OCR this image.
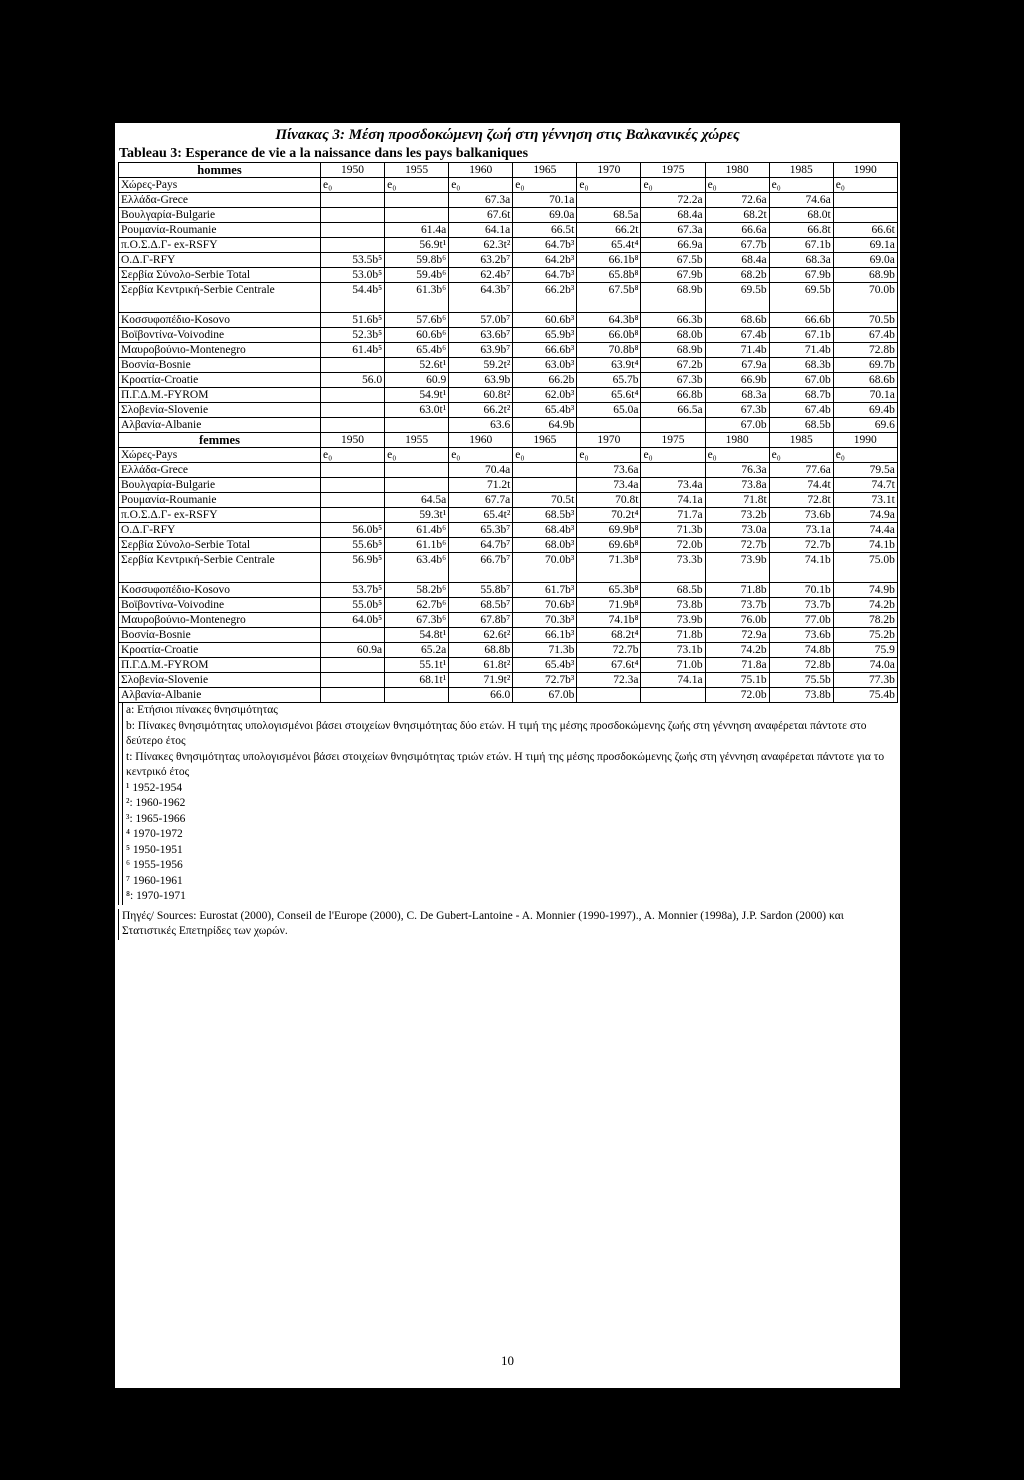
Πίνακας 3: Μέση προσδοκώμενη ζωή στη γέννηση στις Βαλκανικές χώρες
Tableau 3: Esperance de vie a la naissance dans les pays balkaniques
hommes	1950	1955	1960	1965	1970	1975	1980	1985	1990
Χώρες-Pays	e₀	e₀	e₀	e₀	e₀	e₀	e₀	e₀	e₀
Ελλάδα-Grece			67.3a	70.1a		72.2a	72.6a	74.6a	
Βουλγαρία-Bulgarie			67.6t	69.0a	68.5a	68.4a	68.2t	68.0t	
Ρουμανία-Roumanie		61.4a	64.1a	66.5t	66.2t	67.3a	66.6a	66.8t	66.6t
π.Ο.Σ.Δ.Γ- ex-RSFY		56.9t¹	62.3t²	64.7b³	65.4t⁴	66.9a	67.7b	67.1b	69.1a
Ο.Δ.Γ-RFY	53.5b⁵	59.8b⁶	63.2b⁷	64.2b³	66.1b⁸	67.5b	68.4a	68.3a	69.0a
Σερβία Σύνολο-Serbie Total	53.0b⁵	59.4b⁶	62.4b⁷	64.7b³	65.8b⁸	67.9b	68.2b	67.9b	68.9b
Σερβία Κεντρική-Serbie Centrale	54.4b⁵	61.3b⁶	64.3b⁷	66.2b³	67.5b⁸	68.9b	69.5b	69.5b	70.0b
Κοσσυφοπέδιο-Kosovo	51.6b⁵	57.6b⁶	57.0b⁷	60.6b³	64.3b⁸	66.3b	68.6b	66.6b	70.5b
Βοϊβοντίνα-Voivodine	52.3b⁵	60.6b⁶	63.6b⁷	65.9b³	66.0b⁸	68.0b	67.4b	67.1b	67.4b
Μαυροβούνιο-Montenegro	61.4b⁵	65.4b⁶	63.9b⁷	66.6b³	70.8b⁸	68.9b	71.4b	71.4b	72.8b
Βοσνία-Bosnie		52.6t¹	59.2t²	63.0b³	63.9t⁴	67.2b	67.9a	68.3b	69.7b
Κροατία-Croatie	56.0	60.9	63.9b	66.2b	65.7b	67.3b	66.9b	67.0b	68.6b
Π.Γ.Δ.Μ.-FYROM		54.9t¹	60.8t²	62.0b³	65.6t⁴	66.8b	68.3a	68.7b	70.1a
Σλοβενία-Slovenie		63.0t¹	66.2t²	65.4b³	65.0a	66.5a	67.3b	67.4b	69.4b
Αλβανία-Albanie			63.6	64.9b			67.0b	68.5b	69.6
femmes	1950	1955	1960	1965	1970	1975	1980	1985	1990
Χώρες-Pays	e₀	e₀	e₀	e₀	e₀	e₀	e₀	e₀	e₀
Ελλάδα-Grece			70.4a		73.6a		76.3a	77.6a	79.5a
Βουλγαρία-Bulgarie			71.2t		73.4a	73.4a	73.8a	74.4t	74.7t
Ρουμανία-Roumanie		64.5a	67.7a	70.5t	70.8t	74.1a	71.8t	72.8t	73.1t
π.Ο.Σ.Δ.Γ- ex-RSFY		59.3t¹	65.4t²	68.5b³	70.2t⁴	71.7a	73.2b	73.6b	74.9a
Ο.Δ.Γ-RFY	56.0b⁵	61.4b⁶	65.3b⁷	68.4b³	69.9b⁸	71.3b	73.0a	73.1a	74.4a
Σερβία Σύνολο-Serbie Total	55.6b⁵	61.1b⁶	64.7b⁷	68.0b³	69.6b⁸	72.0b	72.7b	72.7b	74.1b
Σερβία Κεντρική-Serbie Centrale	56.9b⁵	63.4b⁶	66.7b⁷	70.0b³	71.3b⁸	73.3b	73.9b	74.1b	75.0b
Κοσσυφοπέδιο-Kosovo	53.7b⁵	58.2b⁶	55.8b⁷	61.7b³	65.3b⁸	68.5b	71.8b	70.1b	74.9b
Βοϊβοντίνα-Voivodine	55.0b⁵	62.7b⁶	68.5b⁷	70.6b³	71.9b⁸	73.8b	73.7b	73.7b	74.2b
Μαυροβούνιο-Montenegro	64.0b⁵	67.3b⁶	67.8b⁷	70.3b³	74.1b⁸	73.9b	76.0b	77.0b	78.2b
Βοσνία-Bosnie		54.8t¹	62.6t²	66.1b³	68.2t⁴	71.8b	72.9a	73.6b	75.2b
Κροατία-Croatie	60.9a	65.2a	68.8b	71.3b	72.7b	73.1b	74.2b	74.8b	75.9
Π.Γ.Δ.Μ.-FYROM		55.1t¹	61.8t²	65.4b³	67.6t⁴	71.0b	71.8a	72.8b	74.0a
Σλοβενία-Slovenie		68.1t¹	71.9t²	72.7b³	72.3a	74.1a	75.1b	75.5b	77.3b
Αλβανία-Albanie			66.0	67.0b			72.0b	73.8b	75.4b
a: Ετήσιοι πίνακες θνησιμότητας
b: Πίνακες θνησιμότητας υπολογισμένοι βάσει στοιχείων θνησιμότητας δύο ετών. Η τιμή της μέσης προσδοκώμενης ζωής στη γέννηση αναφέρεται πάντοτε στο δεύτερο έτος
t: Πίνακες θνησιμότητας υπολογισμένοι βάσει στοιχείων θνησιμότητας τριών ετών. Η τιμή της μέσης προσδοκώμενης ζωής στη γέννηση αναφέρεται πάντοτε για το κεντρικό έτος
¹ 1952-1954
²: 1960-1962
³: 1965-1966
⁴ 1970-1972
⁵ 1950-1951
⁶ 1955-1956
⁷ 1960-1961
⁸: 1970-1971
Πηγές/ Sources: Eurostat (2000), Conseil de l'Europe (2000), C. De Gubert-Lantoine - A. Monnier (1990-1997)., A. Monnier (1998a), J.P. Sardon (2000) και Στατιστικές Επετηρίδες των χωρών.
10
